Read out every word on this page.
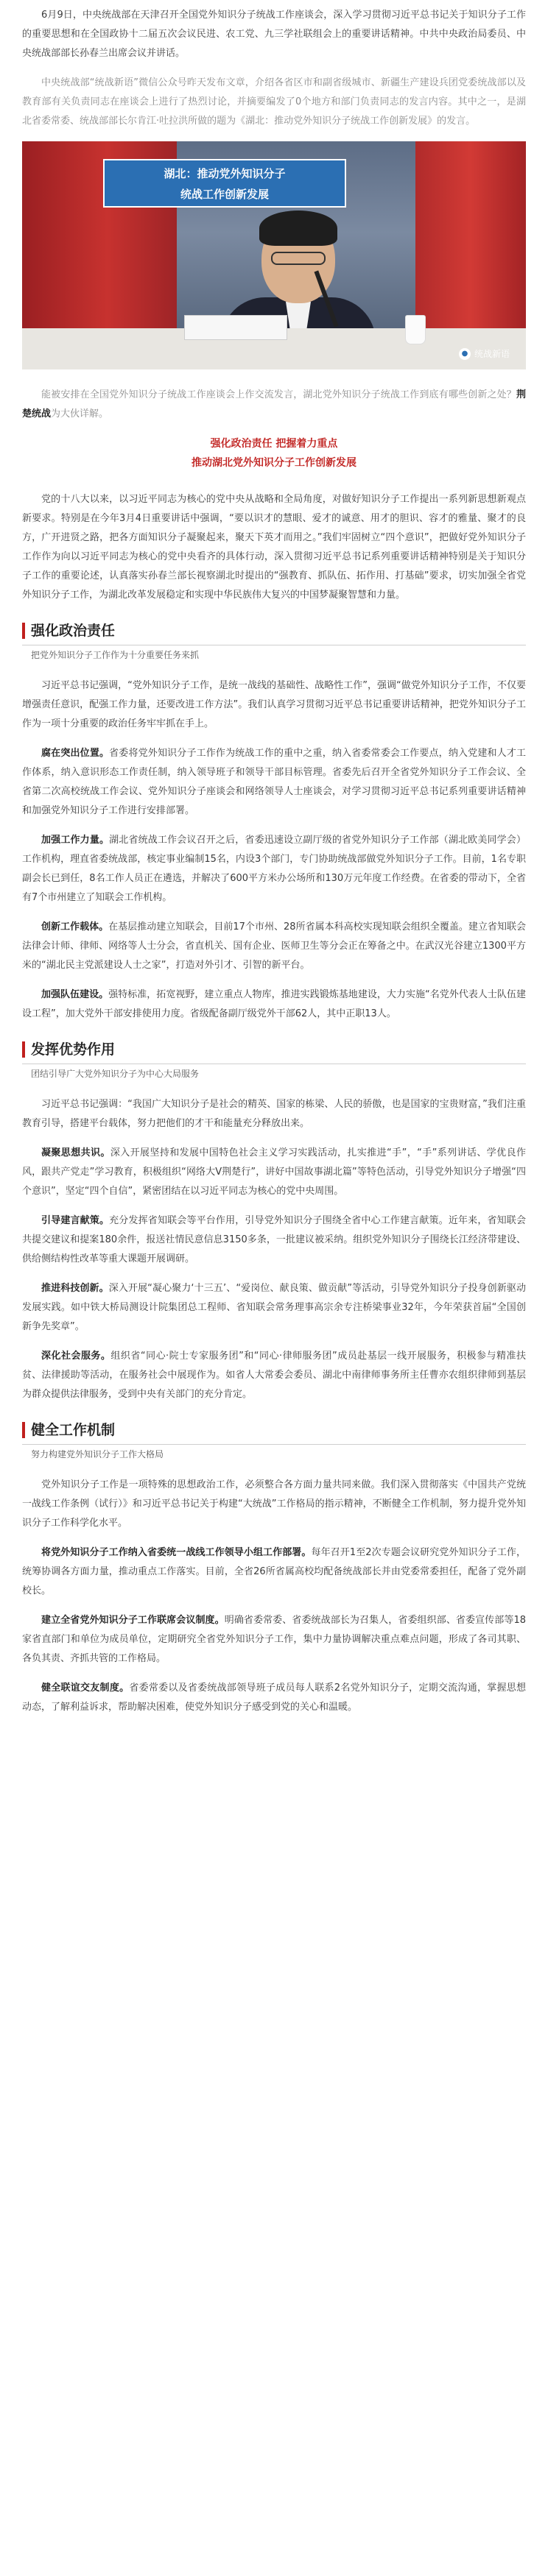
6月9日，中央统战部在天津召开全国党外知识分子统战工作座谈会，深入学习贯彻习近平总书记关于知识分子工作的重要思想和在全国政协十二届五次会议民进、农工党、九三学社联组会上的重要讲话精神。中共中央政治局委员、中央统战部部长孙春兰出席会议并讲话。

中央统战部“统战新语”微信公众号昨天发布文章，介绍各省区市和副省级城市、新疆生产建设兵团党委统战部以及教育部有关负责同志在座谈会上进行了热烈讨论，并摘要编发了0个地方和部门负责同志的发言内容。其中之一，是湖北省委常委、统战部部长尔肯江·吐拉洪所做的题为《湖北：推动党外知识分子统战工作创新发展》的发言。

湖北：推动党外知识分子
统战工作创新发展
● 统战新语

能被安排在全国党外知识分子统战工作座谈会上作交流发言，湖北党外知识分子统战工作到底有哪些创新之处？荆楚统战为大伙详解。

强化政治责任 把握着力重点
推动湖北党外知识分子工作创新发展

党的十八大以来，以习近平同志为核心的党中央从战略和全局角度，对做好知识分子工作提出一系列新思想新观点新要求。特别是在今年3月4日重要讲话中强调，“要以识才的慧眼、爱才的诚意、用才的胆识、容才的雅量、聚才的良方，广开进贤之路，把各方面知识分子凝聚起来，聚天下英才而用之。”我们牢固树立“四个意识”，把做好党外知识分子工作作为向以习近平同志为核心的党中央看齐的具体行动，深入贯彻习近平总书记系列重要讲话精神特别是关于知识分子工作的重要论述，认真落实孙春兰部长视察湖北时提出的“强教育、抓队伍、拓作用、打基础”要求，切实加强全省党外知识分子工作，为湖北改革发展稳定和实现中华民族伟大复兴的中国梦凝聚智慧和力量。

强化政治责任
把党外知识分子工作作为十分重要任务来抓

习近平总书记强调，“党外知识分子工作，是统一战线的基础性、战略性工作”，强调“做党外知识分子工作，不仅要增强责任意识，配强工作力量，还要改进工作方法”。我们认真学习贯彻习近平总书记重要讲话精神，把党外知识分子工作为一项十分重要的政治任务牢牢抓在手上。

腐在突出位置。省委将党外知识分子工作作为统战工作的重中之重，纳入省委常委会工作要点，纳入党建和人才工作体系，纳入意识形态工作责任制，纳入领导班子和领导干部目标管理。省委先后召开全省党外知识分子工作会议、全省第二次高校统战工作会议、党外知识分子座谈会和网络领导人士座谈会，对学习贯彻习近平总书记系列重要讲话精神和加强党外知识分子工作进行安排部署。

加强工作力量。湖北省统战工作会议召开之后，省委迅速设立副厅级的省党外知识分子工作部（湖北欧美同学会）工作机构，理直省委统战部，核定事业编制15名，内设3个部门，专门协助统战部做党外知识分子工作。目前，1名专职副会长已到任，8名工作人员正在遴选，并解决了600平方米办公场所和130万元年度工作经费。在省委的带动下，全省有7个市州建立了知联会工作机构。

创新工作载体。在基层推动建立知联会，目前17个市州、28所省属本科高校实现知联会组织全覆盖。建立省知联会法律会计师、律师、网络等人士分会，省直机关、国有企业、医师卫生等分会正在筹备之中。在武汉光谷建立1300平方米的“湖北民主党派建设人士之家”，打造对外引才、引智的新平台。

加强队伍建设。强特标准，拓宽视野，建立重点人物库，推进实践锻炼基地建设，大力实施“名党外代表人士队伍建设工程”，加大党外干部安排使用力度。省级配备副厅级党外干部62人，其中正职13人。

发挥优势作用
团结引导广大党外知识分子为中心大局服务

习近平总书记强调：“我国广大知识分子是社会的精英、国家的栋梁、人民的骄傲，也是国家的宝贵财富，”我们注重教育引导，搭建平台载体，努力把他们的才干和能量充分释放出来。

凝聚思想共识。深入开展坚持和发展中国特色社会主义学习实践活动，扎实推进“手”，“手”系列讲话、学优良作风，跟共产党走”学习教育，积极组织“网络大V荆楚行”，讲好中国故事湖北篇”等特色活动，引导党外知识分子增强“四个意识”，坚定“四个自信”，紧密团结在以习近平同志为核心的党中央周围。

引导建言献策。充分发挥省知联会等平台作用，引导党外知识分子围绕全省中心工作建言献策。近年来，省知联会共提交建议和提案180余件，报送社情民意信息3150多条，一批建议被采纳。组织党外知识分子围绕长江经济带建设、供给侧结构性改革等重大课题开展调研。

推进科技创新。深入开展“凝心聚力‘十三五’、“爱岗位、献良策、做贡献”等活动，引导党外知识分子投身创新驱动发展实践。如中铁大桥局测设计院集团总工程师、省知联会常务理事高宗余专注桥梁事业32年，今年荣获首届“全国创新争先奖章”。

深化社会服务。组织省“同心·院士专家服务团”和“同心·律师服务团”成员赴基层一线开展服务，积极参与精准扶贫、法律援助等活动，在服务社会中展现作为。如省人大常委会委员、湖北中南律师事务所主任曹亦农组织律师到基层为群众提供法律服务，受到中央有关部门的充分肯定。

健全工作机制
努力构建党外知识分子工作大格局

党外知识分子工作是一项特殊的思想政治工作，必须整合各方面力量共同来做。我们深入贯彻落实《中国共产党统一战线工作条例（试行）》和习近平总书记关于构建“大统战”工作格局的指示精神，不断健全工作机制，努力提升党外知识分子工作科学化水平。

将党外知识分子工作纳入省委统一战线工作领导小组工作部署。每年召开1至2次专题会议研究党外知识分子工作，统筹协调各方面力量，推动重点工作落实。目前，全省26所省属高校均配备统战部长并由党委常委担任，配备了党外副校长。

建立全省党外知识分子工作联席会议制度。明确省委常委、省委统战部长为召集人，省委组织部、省委宣传部等18家省直部门和单位为成员单位，定期研究全省党外知识分子工作，集中力量协调解决重点难点问题，形成了各司其职、各负其责、齐抓共管的工作格局。

健全联谊交友制度。省委常委以及省委统战部领导班子成员每人联系2名党外知识分子，定期交流沟通，掌握思想动态，了解利益诉求，帮助解决困难，使党外知识分子感受到党的关心和温暖。
